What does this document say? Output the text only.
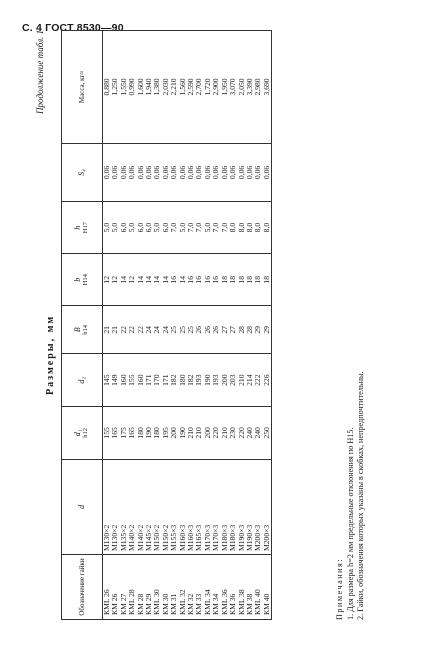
С. 4 ГОСТ 8530—90
Продолжение табл. 1
Размеры, мм
Обозначение гайки	d	d₁ h12	d₂	B h14	b H14	h H17	S₄	Масса, кг≈
КМL 26	М130×2	155	145	21	12	5,0	0,06	0,880
КМ 26	М130×2	165	149	21	12	5,0	0,06	1,250
КМ 27	М135×2	175	160	22	14	6,0	0,06	1,550
КМL 28	М140×2	165	155	22	12	5,0	0,06	0,990
КМ 28	М140×2	180	160	22	14	6,0	0,06	1,600
КМ 29	М145×2	190	171	24	14	6,0	0,06	1,940
КМL 30	М150×2	180	170	24	14	5,0	0,06	1,380
КМ 30	М150×2	195	171	24	14	6,0	0,06	2,030
КМ 31	М155×3	200	182	25	16	7,0	0,06	2,210
КМL 32	М160×3	190	180	25	14	5,0	0,06	1,560
КМ 32	М160×3	210	182	25	16	7,0	0,06	2,590
КМ 33	М165×3	210	193	26	16	7,0	0,06	2,700
КМL 34	М170×3	200	190	26	16	5,0	0,06	1,720
КМ 34	М170×3	220	193	26	16	7,0	0,06	2,900
КМL 36	М180×3	210	200	27	18	7,0	0,06	1,950
КМ 36	М180×3	230	203	27	18	8,0	0,06	3,070
КМL 38	М190×3	220	210	28	18	8,0	0,06	2,050
КМ 38	М190×3	240	214	28	18	8,0	0,06	3,390
КМL 40	М200×3	240	222	29	18	8,0	0,06	2,980
КМ 40	М200×3	250	226	29	18	8,0	0,06	3,690
Примечания: 1. Для размера h=2 мм предельные отклонения по H15. 2. Гайки, обозначения которых указаны в скобках, непредпочтительны.
